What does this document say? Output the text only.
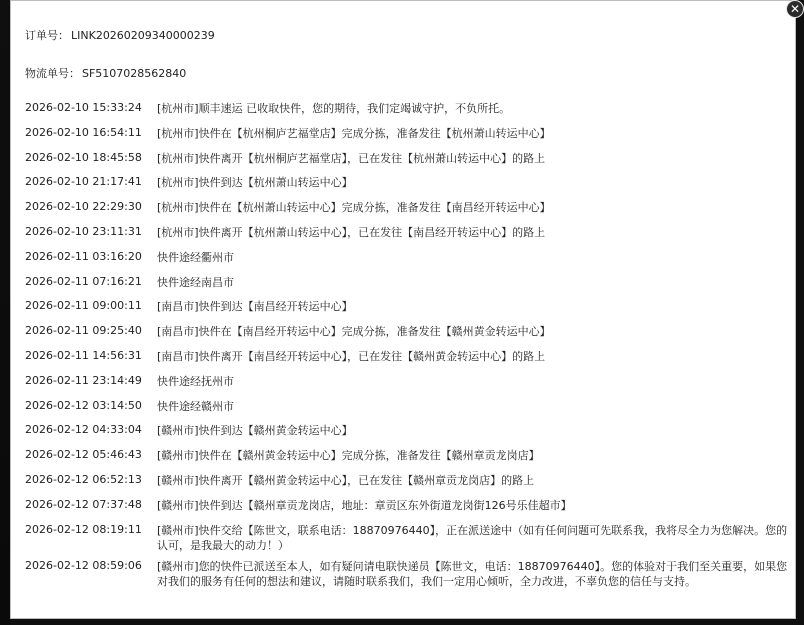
订单号： LINK20260209340000239
物流单号： SF5107028562840
2026-02-10 15:33:24	[杭州市]顺丰速运 已收取快件，您的期待，我们定竭诚守护，不负所托。
2026-02-10 16:54:11	[杭州市]快件在【杭州桐庐艺福堂店】完成分拣，准备发往【杭州萧山转运中心】
2026-02-10 18:45:58	[杭州市]快件离开【杭州桐庐艺福堂店】，已在发往【杭州萧山转运中心】的路上
2026-02-10 21:17:41	[杭州市]快件到达【杭州萧山转运中心】
2026-02-10 22:29:30	[杭州市]快件在【杭州萧山转运中心】完成分拣，准备发往【南昌经开转运中心】
2026-02-10 23:11:31	[杭州市]快件离开【杭州萧山转运中心】，已在发往【南昌经开转运中心】的路上
2026-02-11 03:16:20	快件途经衢州市
2026-02-11 07:16:21	快件途经南昌市
2026-02-11 09:00:11	[南昌市]快件到达【南昌经开转运中心】
2026-02-11 09:25:40	[南昌市]快件在【南昌经开转运中心】完成分拣，准备发往【赣州黄金转运中心】
2026-02-11 14:56:31	[南昌市]快件离开【南昌经开转运中心】，已在发往【赣州黄金转运中心】的路上
2026-02-11 23:14:49	快件途经抚州市
2026-02-12 03:14:50	快件途经赣州市
2026-02-12 04:33:04	[赣州市]快件到达【赣州黄金转运中心】
2026-02-12 05:46:43	[赣州市]快件在【赣州黄金转运中心】完成分拣，准备发往【赣州章贡龙岗店】
2026-02-12 06:52:13	[赣州市]快件离开【赣州黄金转运中心】，已在发往【赣州章贡龙岗店】的路上
2026-02-12 07:37:48	[赣州市]快件到达【赣州章贡龙岗店，地址：章贡区东外街道龙岗街126号乐佳超市】
2026-02-12 08:19:11	[赣州市]快件交给【陈世文，联系电话：18870976440】，正在派送途中（如有任何问题可先联系我，我将尽全力为您解决。您的认可，是我最大的动力！）
2026-02-12 08:59:06	[赣州市]您的快件已派送至本人，如有疑问请电联快递员【陈世文，电话：18870976440】。您的体验对于我们至关重要，如果您对我们的服务有任何的想法和建议，请随时联系我们，我们一定用心倾听，全力改进，不辜负您的信任与支持。
✕
